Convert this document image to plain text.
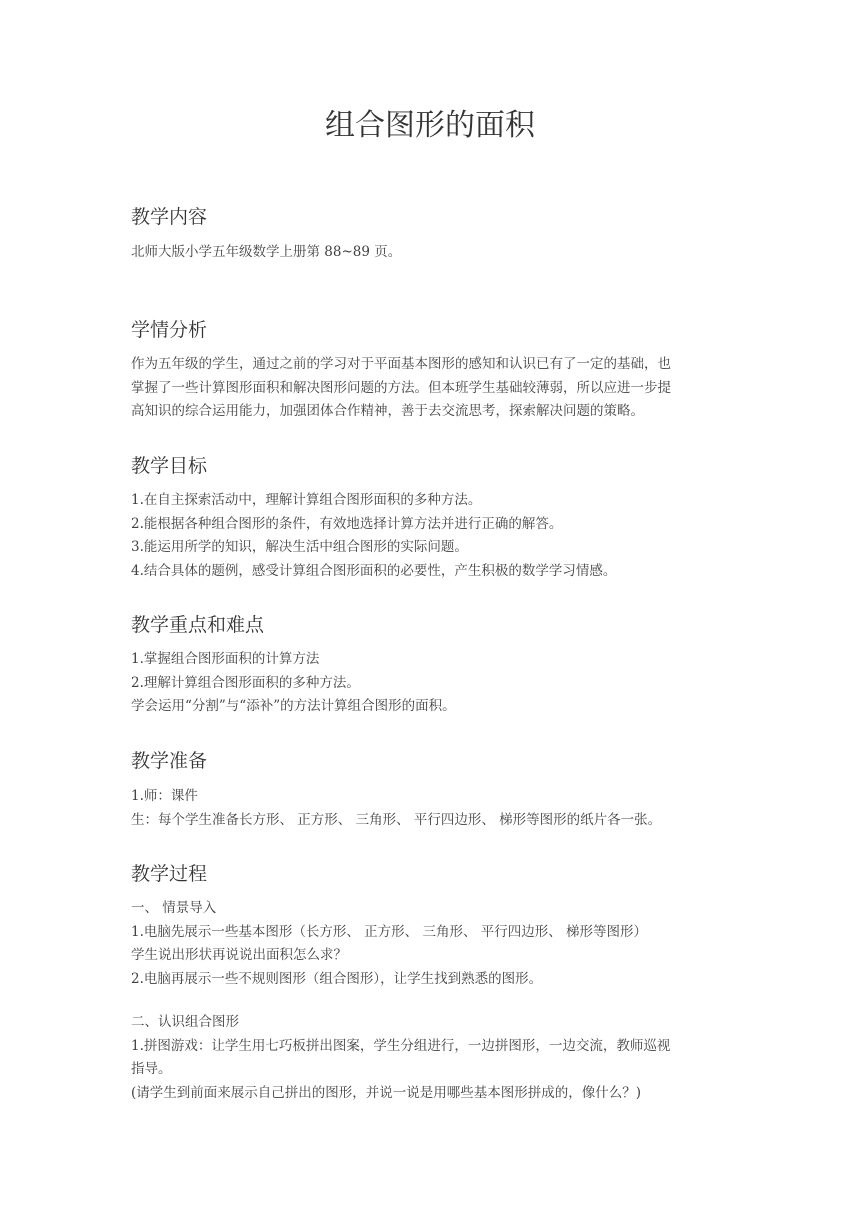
组合图形的面积
教学内容
北师大版小学五年级数学上册第 88~89 页。
学情分析
作为五年级的学生，通过之前的学习对于平面基本图形的感知和认识已有了一定的基础，也
掌握了一些计算图形面积和解决图形问题的方法。但本班学生基础较薄弱，所以应进一步提
高知识的综合运用能力，加强团体合作精神，善于去交流思考，探索解决问题的策略。
教学目标
1.在自主探索活动中，理解计算组合图形面积的多种方法。
2.能根据各种组合图形的条件，有效地选择计算方法并进行正确的解答。
3.能运用所学的知识，解决生活中组合图形的实际问题。
4.结合具体的题例，感受计算组合图形面积的必要性，产生积极的数学学习情感。
教学重点和难点
1.掌握组合图形面积的计算方法
2.理解计算组合图形面积的多种方法。
学会运用“分割”与“添补”的方法计算组合图形的面积。
教学准备
1.师：课件
生：每个学生准备长方形、 正方形、 三角形、 平行四边形、 梯形等图形的纸片各一张。
教学过程
一、 情景导入
1.电脑先展示一些基本图形（长方形、 正方形、 三角形、 平行四边形、 梯形等图形）
学生说出形状再说说出面积怎么求？
2.电脑再展示一些不规则图形（组合图形），让学生找到熟悉的图形。
二、认识组合图形
1.拼图游戏：让学生用七巧板拼出图案，学生分组进行，一边拼图形，一边交流，教师巡视
指导。
(请学生到前面来展示自己拼出的图形，并说一说是用哪些基本图形拼成的，像什么？)
